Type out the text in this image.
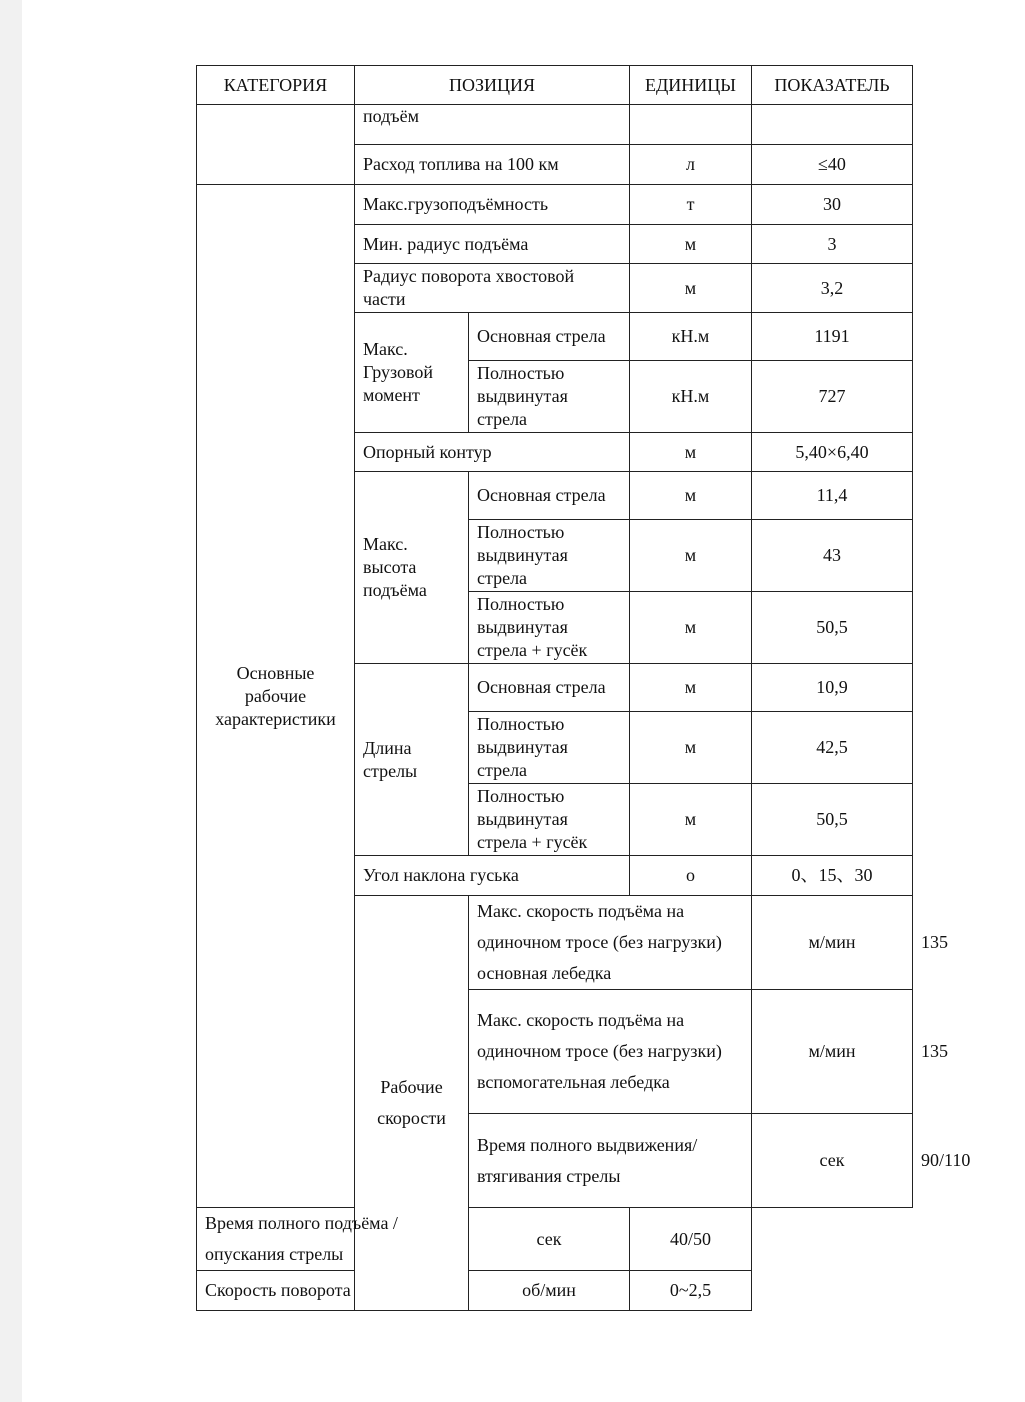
КАТЕГОРИЯ	ПОЗИЦИЯ		ЕДИНИЦЫ	ПОКАЗАТЕЛЬ	
	подъём				
	Расход топлива на 100 км		л	≤40	
Основные рабочие характеристики	Макс.грузоподъёмность		т	30	
	Мин. радиус подъёма		м	3	
	Радиус поворота хвостовой части		м	3,2	
	Макс. Грузовой момент	Основная стрела	кН.м	1191	
		Полностью выдвинутая стрела	кН.м	727	
	Опорный контур		м	5,40×6,40	
	Макс. высота подъёма	Основная стрела	м	11,4	
		Полностью выдвинутая стрела	м	43	
		Полностью выдвинутая стрела + гусёк	м	50,5	
	Длина стрелы	Основная стрела	м	10,9	
		Полностью выдвинутая стрела	м	42,5	
		Полностью выдвинутая стрела + гусёк	м	50,5	
	Угол наклона гуська		о	0、15、30	
	Рабочие скорости	Макс. скорость подъёма на одиночном тросе (без нагрузки) основная лебедка		м/мин	135
		Макс. скорость подъёма на одиночном тросе (без нагрузки) вспомогательная лебедка		м/мин	135
		Время полного выдвижения/втягивания стрелы		сек	90/110
Время полного подъёма / опускания стрелы		сек	40/50		
Скорость поворота		об/мин	0~2,5		
